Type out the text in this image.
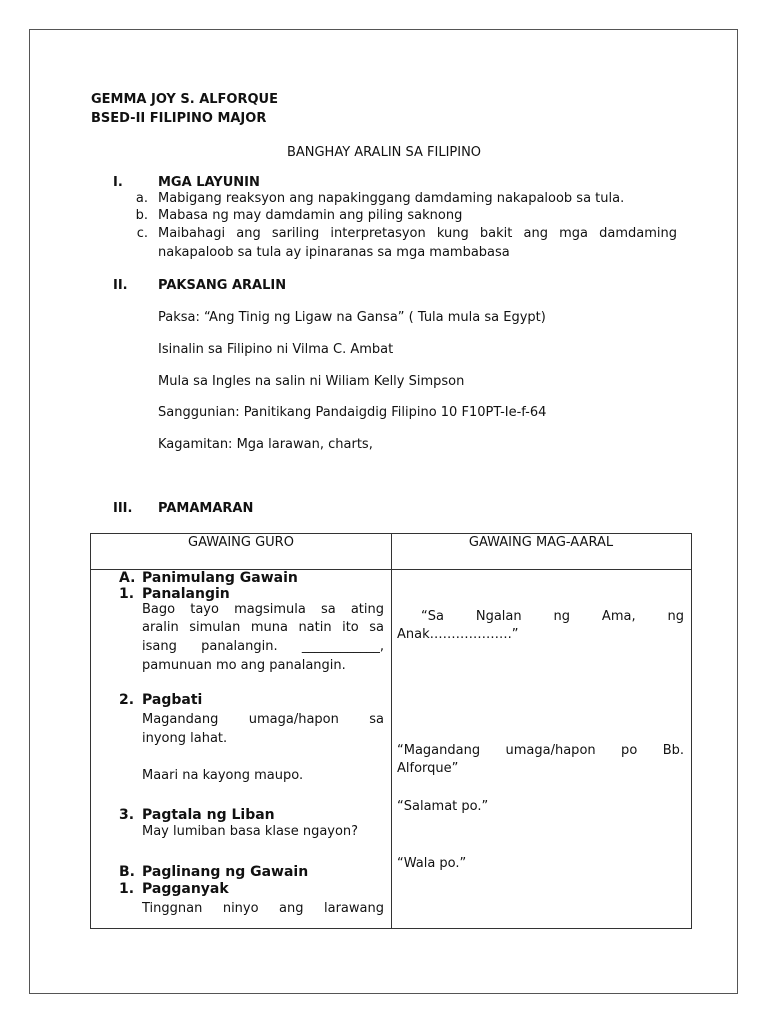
GEMMA JOY S. ALFORQUE
BSED-II FILIPINO MAJOR
BANGHAY ARALIN SA FILIPINO
I.	MGA LAYUNIN
a. Mabigang reaksyon ang napakinggang damdaming nakapaloob sa tula.
b. Mabasa ng may damdamin ang piling saknong
c. Maibahagi ang sariling interpretasyon kung bakit ang mga damdaming
nakapaloob sa tula ay ipinaranas sa mga mambabasa
II. PAKSANG ARALIN
Paksa: “Ang Tinig ng Ligaw na Gansa” ( Tula mula sa Egypt)
Isinalin sa Filipino ni Vilma C. Ambat
Mula sa Ingles na salin ni Wiliam Kelly Simpson
Sanggunian: Panitikang Pandaigdig Filipino 10 F10PT-Ie-f-64
Kagamitan: Mga larawan, charts,
III. PAMAMARAN
GAWAING GURO	GAWAING MAG-AARAL
A. Panimulang Gawain
1. Panalangin
Bago tayo magsimula sa ating
aralin simulan muna natin ito sa
isang panalangin. ____________,
pamunuan mo ang panalangin.
2. Pagbati
Magandang umaga/hapon sa
inyong lahat.
Maari na kayong maupo.
3. Pagtala ng Liban
May lumiban basa klase ngayon?
B. Paglinang ng Gawain
1. Pagganyak
Tinggnan ninyo ang larawang
“Sa Ngalan ng Ama, ng
Anak……………….”
“Magandang umaga/hapon po Bb.
Alforque”
“Salamat po.”
“Wala po.”
